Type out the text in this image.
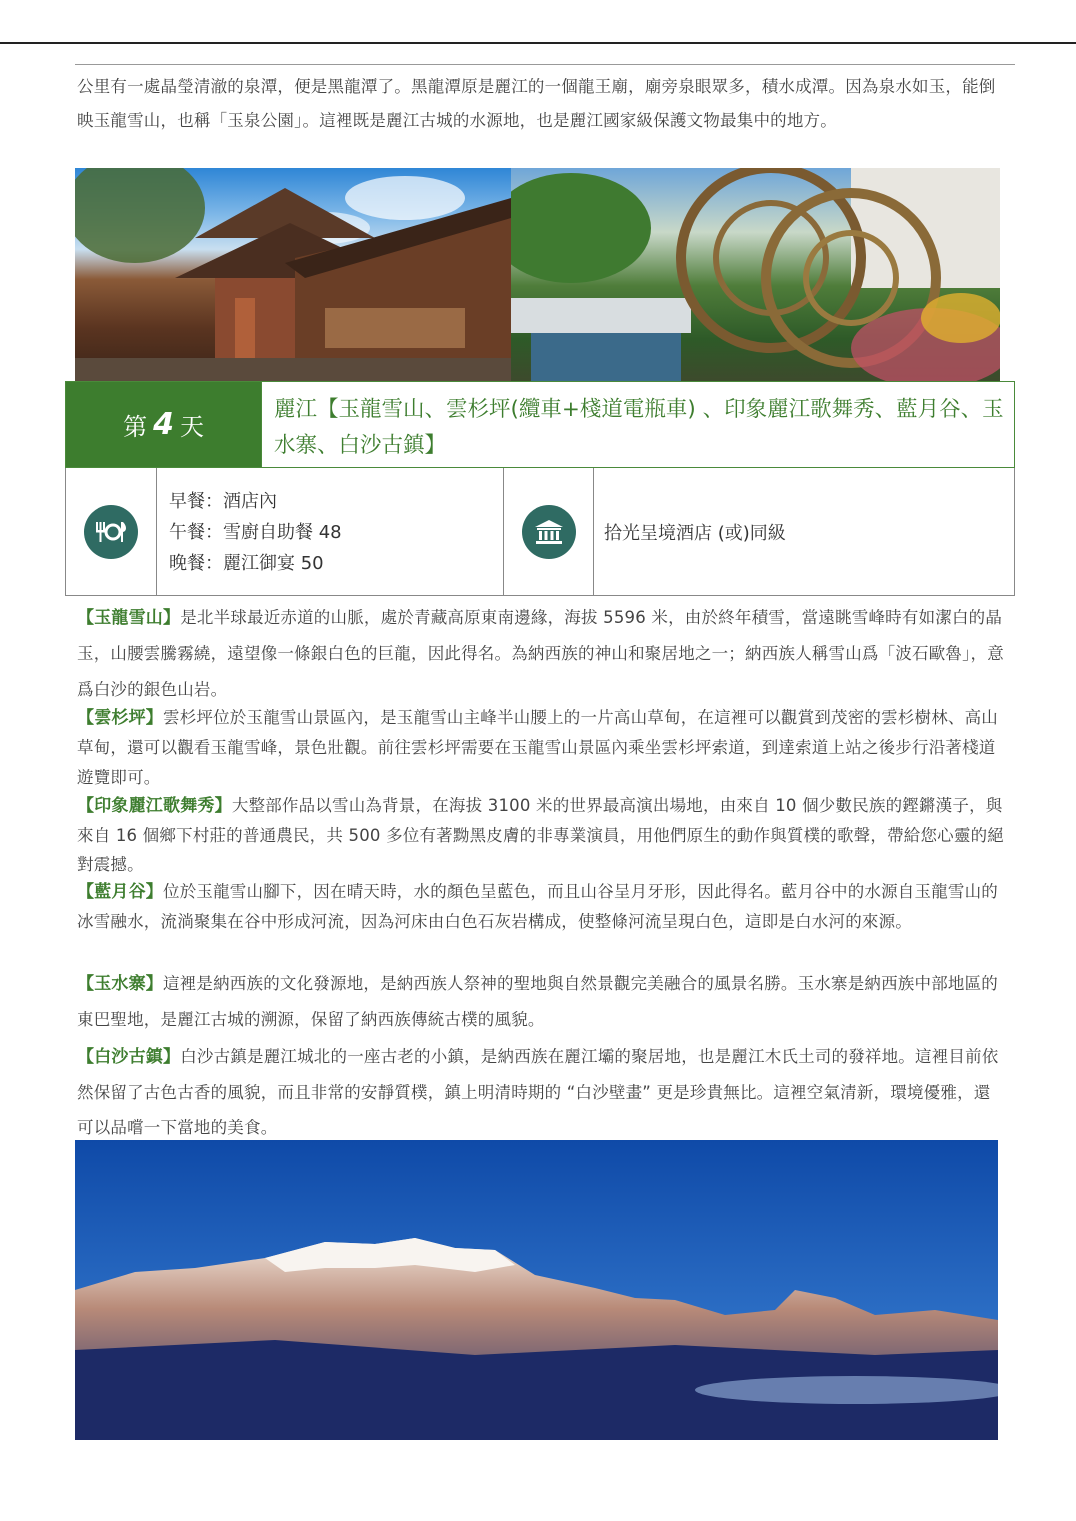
公里有一處晶瑩清澈的泉潭，便是黑龍潭了。黑龍潭原是麗江的一個龍王廟，廟旁泉眼眾多，積水成潭。因為泉水如玉，能倒映玉龍雪山，也稱「玉泉公園」。這裡既是麗江古城的水源地，也是麗江國家級保護文物最集中的地方。

第 4 天
麗江【玉龍雪山、雲杉坪(纜車+棧道電瓶車) 、印象麗江歌舞秀、藍月谷、玉水寨、白沙古鎮】
早餐：酒店內
午餐：雪廚自助餐 48
晚餐：麗江御宴 50
拾光呈境酒店 (或)同級

【玉龍雪山】是北半球最近赤道的山脈，處於青藏高原東南邊緣，海拔 5596 米，由於終年積雪，當遠眺雪峰時有如潔白的晶玉，山腰雲騰霧繞，遠望像一條銀白色的巨龍，因此得名。為納西族的神山和聚居地之一；納西族人稱雪山爲「波石歐魯」，意爲白沙的銀色山岩。

【雲杉坪】雲杉坪位於玉龍雪山景區內，是玉龍雪山主峰半山腰上的一片高山草甸，在這裡可以觀賞到茂密的雲杉樹林、高山草甸，還可以觀看玉龍雪峰，景色壯觀。前往雲杉坪需要在玉龍雪山景區內乘坐雲杉坪索道，到達索道上站之後步行沿著棧道遊覽即可。

【印象麗江歌舞秀】大整部作品以雪山為背景，在海拔 3100 米的世界最高演出場地，由來自 10 個少數民族的鏗鏘漢子，與來自 16 個鄉下村莊的普通農民，共 500 多位有著黝黑皮膚的非專業演員，用他們原生的動作與質樸的歌聲，帶給您心靈的絕對震撼。

【藍月谷】位於玉龍雪山腳下，因在晴天時，水的顏色呈藍色，而且山谷呈月牙形，因此得名。藍月谷中的水源自玉龍雪山的冰雪融水，流淌聚集在谷中形成河流，因為河床由白色石灰岩構成，使整條河流呈現白色，這即是白水河的來源。

【玉水寨】這裡是納西族的文化發源地，是納西族人祭神的聖地與自然景觀完美融合的風景名勝。玉水寨是納西族中部地區的東巴聖地，是麗江古城的溯源，保留了納西族傳統古樸的風貌。

【白沙古鎮】白沙古鎮是麗江城北的一座古老的小鎮，是納西族在麗江壩的聚居地，也是麗江木氏土司的發祥地。這裡目前依然保留了古色古香的風貌，而且非常的安靜質樸，鎮上明清時期的 “白沙壁畫” 更是珍貴無比。這裡空氣清新，環境優雅，還可以品嚐一下當地的美食。
